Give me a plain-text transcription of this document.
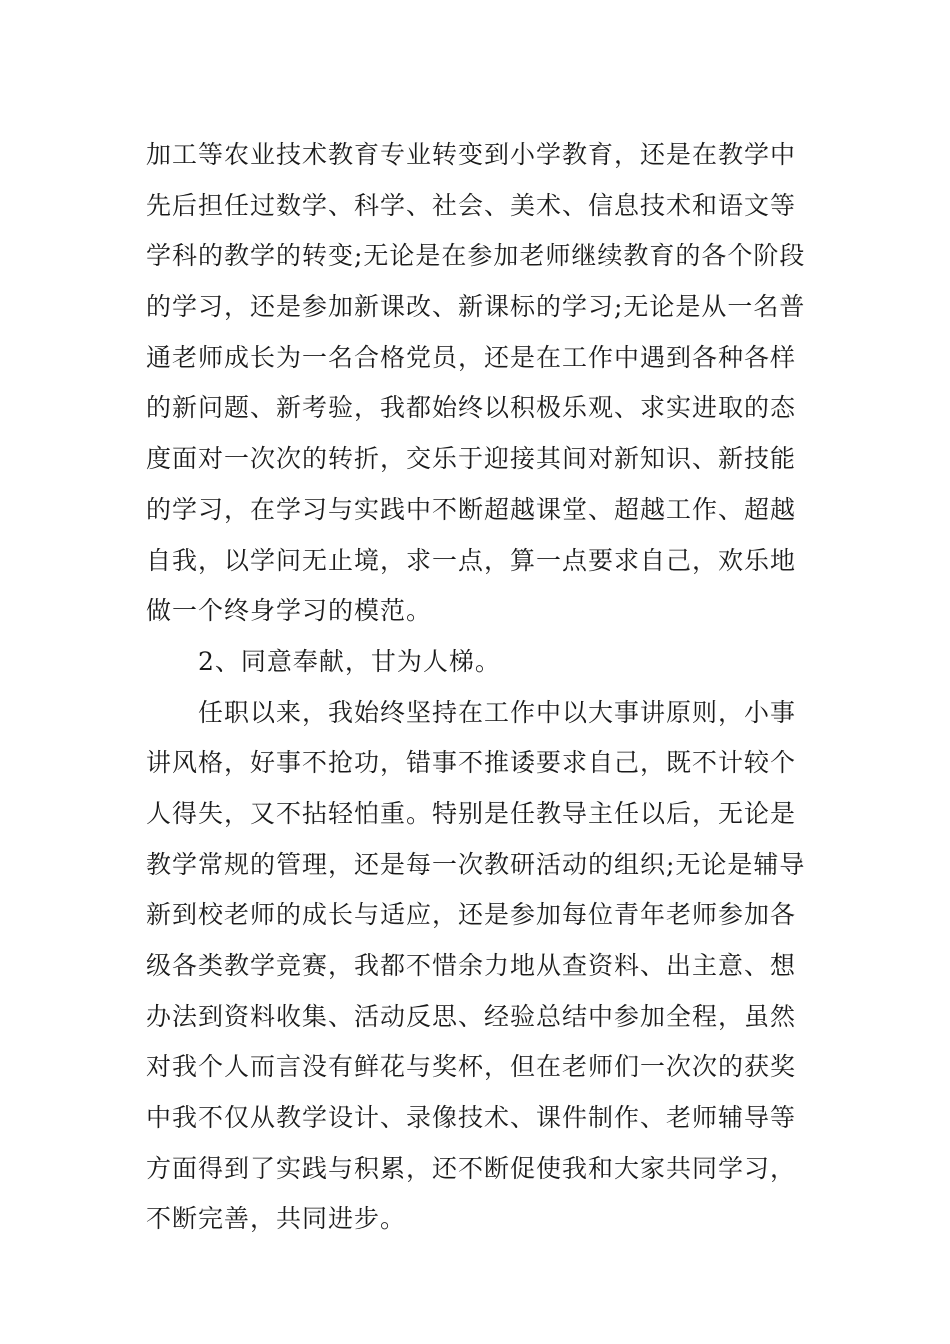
加工等农业技术教育专业转变到小学教育，还是在教学中
先后担任过数学、科学、社会、美术、信息技术和语文等
学科的教学的转变;无论是在参加老师继续教育的各个阶段
的学习，还是参加新课改、新课标的学习;无论是从一名普
通老师成长为一名合格党员，还是在工作中遇到各种各样
的新问题、新考验，我都始终以积极乐观、求实进取的态
度面对一次次的转折，交乐于迎接其间对新知识、新技能
的学习，在学习与实践中不断超越课堂、超越工作、超越
自我，以学问无止境，求一点，算一点要求自己，欢乐地
做一个终身学习的模范。
2、同意奉献，甘为人梯。
任职以来，我始终坚持在工作中以大事讲原则，小事
讲风格，好事不抢功，错事不推诿要求自己，既不计较个
人得失，又不拈轻怕重。特别是任教导主任以后，无论是
教学常规的管理，还是每一次教研活动的组织;无论是辅导
新到校老师的成长与适应，还是参加每位青年老师参加各
级各类教学竞赛，我都不惜余力地从查资料、出主意、想
办法到资料收集、活动反思、经验总结中参加全程，虽然
对我个人而言没有鲜花与奖杯，但在老师们一次次的获奖
中我不仅从教学设计、录像技术、课件制作、老师辅导等
方面得到了实践与积累，还不断促使我和大家共同学习，
不断完善，共同进步。
